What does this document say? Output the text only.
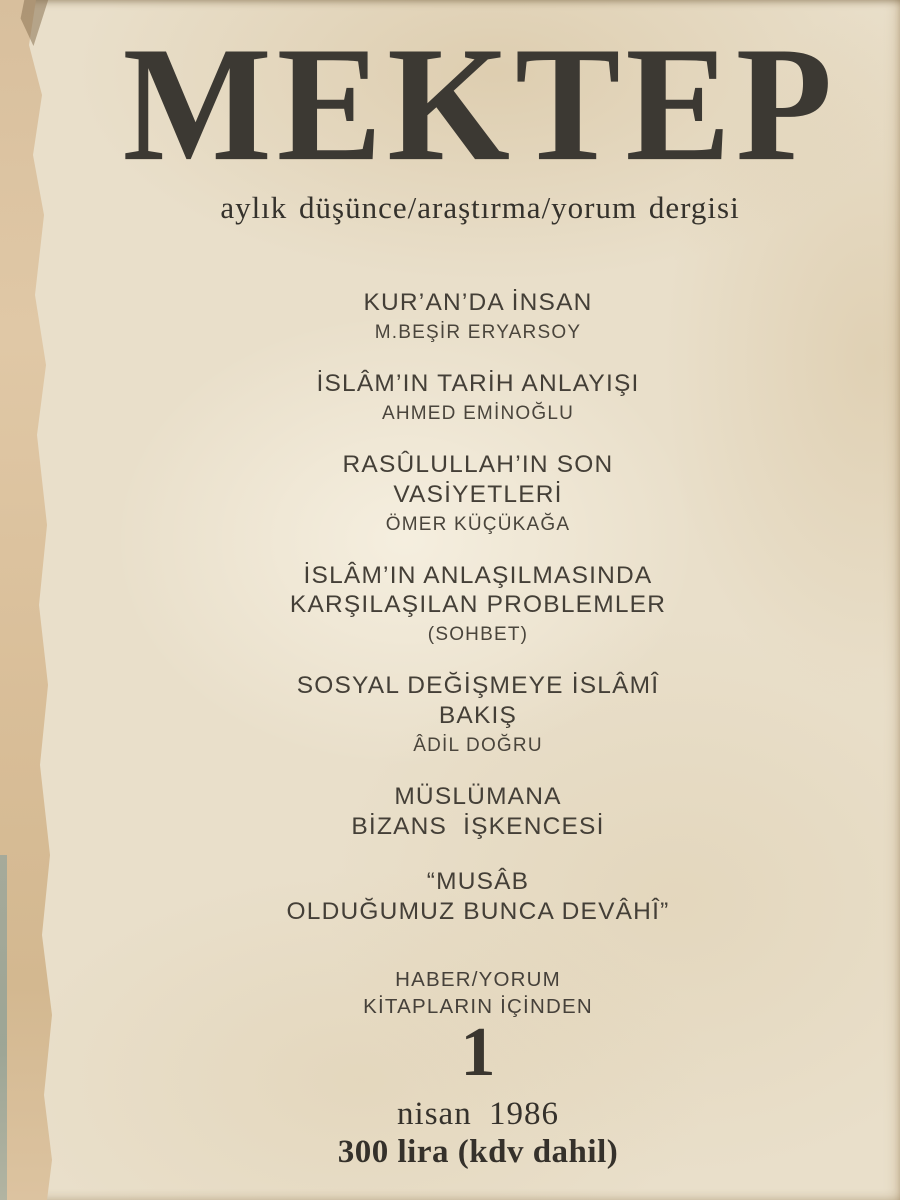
MEKTEP
aylık düşünce/araştırma/yorum dergisi
KUR’AN’DA İNSAN
M.BEŞİR ERYARSOY
İSLÂM’IN TARİH ANLAYIŞI
AHMED EMİNOĞLU
RASÛLULLAH’IN SON
VASİYETLERİ
ÖMER KÜÇÜKAĞA
İSLÂM’IN ANLAŞILMASINDA
KARŞILAŞILAN PROBLEMLER
(SOHBET)
SOSYAL DEĞİŞMEYE İSLÂMÎ
BAKIŞ
ÂDİL DOĞRU
MÜSLÜMANA
BİZANS  İŞKENCESİ
“MUSÂB
OLDUĞUMUZ BUNCA DEVÂHÎ”
HABER/YORUM
KİTAPLARIN İÇİNDEN
1
nisan 1986
300 lira (kdv dahil)
